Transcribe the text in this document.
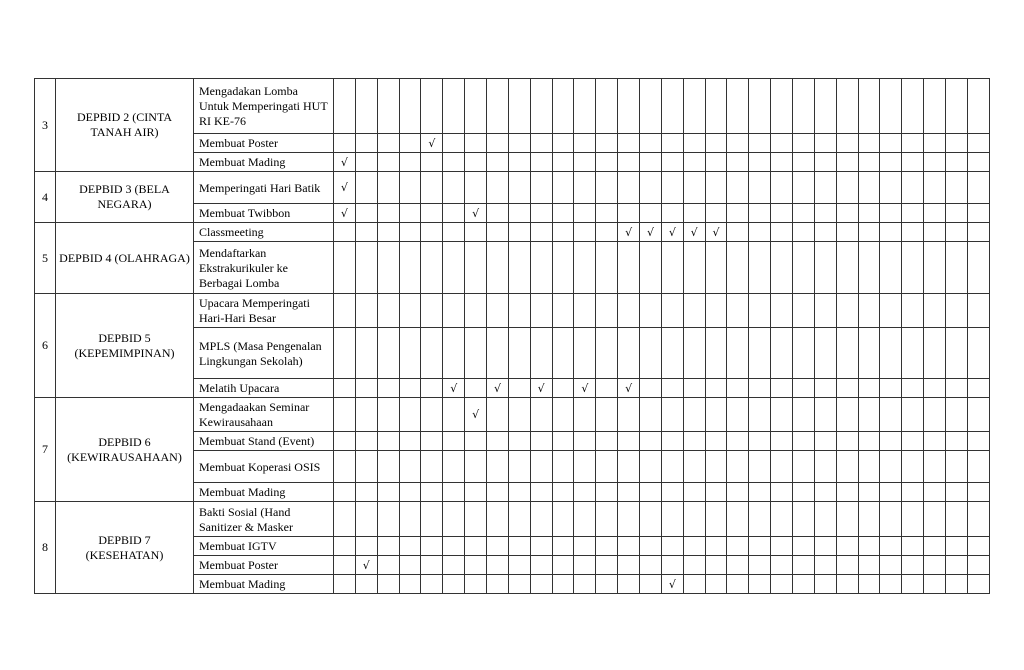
3	DEPBID 2 (CINTA TANAH AIR)	Mengadakan Lomba Untuk Memperingati HUT RI KE-76																														
		Membuat Poster					√																									
		Membuat Mading	√																													
4	DEPBID 3 (BELA NEGARA)	Memperingati Hari Batik	√																													
		Membuat Twibbon	√						√																							
5	DEPBID 4 (OLAHRAGA)	Classmeeting														√	√	√	√	√												
		Mendaftarkan Ekstrakurikuler ke Berbagai Lomba																														
6	DEPBID 5 (KEPEMIMPINAN)	Upacara Memperingati Hari-Hari Besar																														
		MPLS (Masa Pengenalan Lingkungan Sekolah)																														
		Melatih Upacara						√		√		√		√		√																
7	DEPBID 6 (KEWIRAUSAHAAN)	Mengadaakan Seminar Kewirausahaan							√																							
		Membuat Stand (Event)																														
		Membuat Koperasi OSIS																														
		Membuat Mading																														
8	DEPBID 7 (KESEHATAN)	Bakti Sosial (Hand Sanitizer & Masker																														
		Membuat IGTV																														
		Membuat Poster		√																												
		Membuat Mading																√														
